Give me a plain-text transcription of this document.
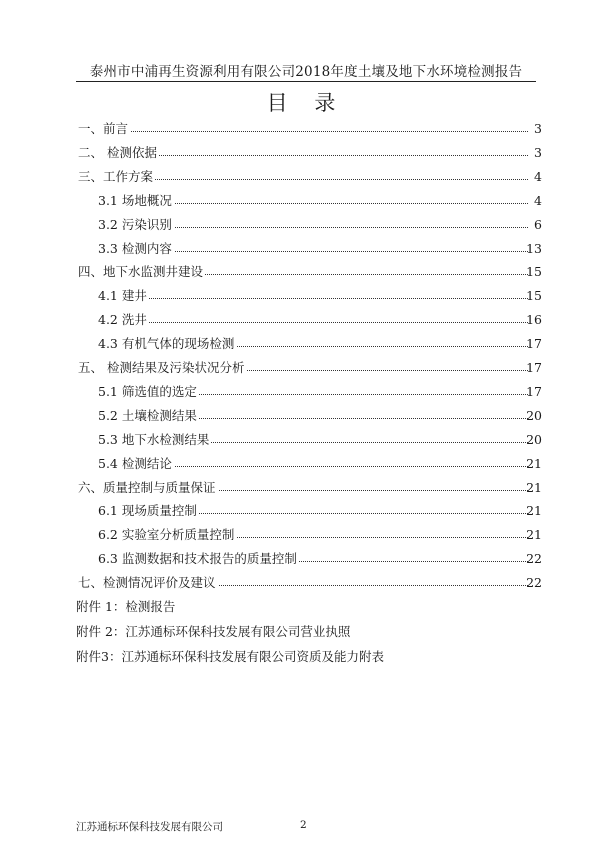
泰州市中浦再生资源利用有限公司2018年度土壤及地下水环境检测报告
目 录
一、前言	3
二、 检测依据	3
三、工作方案	4
3.1 场地概况	4
3.2 污染识别	6
3.3 检测内容	13
四、地下水监测井建设	15
4.1 建井	15
4.2 洗井	16
4.3 有机气体的现场检测	17
五、 检测结果及污染状况分析	17
5.1 筛选值的选定	17
5.2 土壤检测结果	20
5.3 地下水检测结果	20
5.4 检测结论	21
六、质量控制与质量保证	21
6.1 现场质量控制	21
6.2 实验室分析质量控制	21
6.3 监测数据和技术报告的质量控制	22
七、检测情况评价及建议	22
附件 1：检测报告
附件 2：江苏通标环保科技发展有限公司营业执照
附件3：江苏通标环保科技发展有限公司资质及能力附表
江苏通标环保科技发展有限公司	2
